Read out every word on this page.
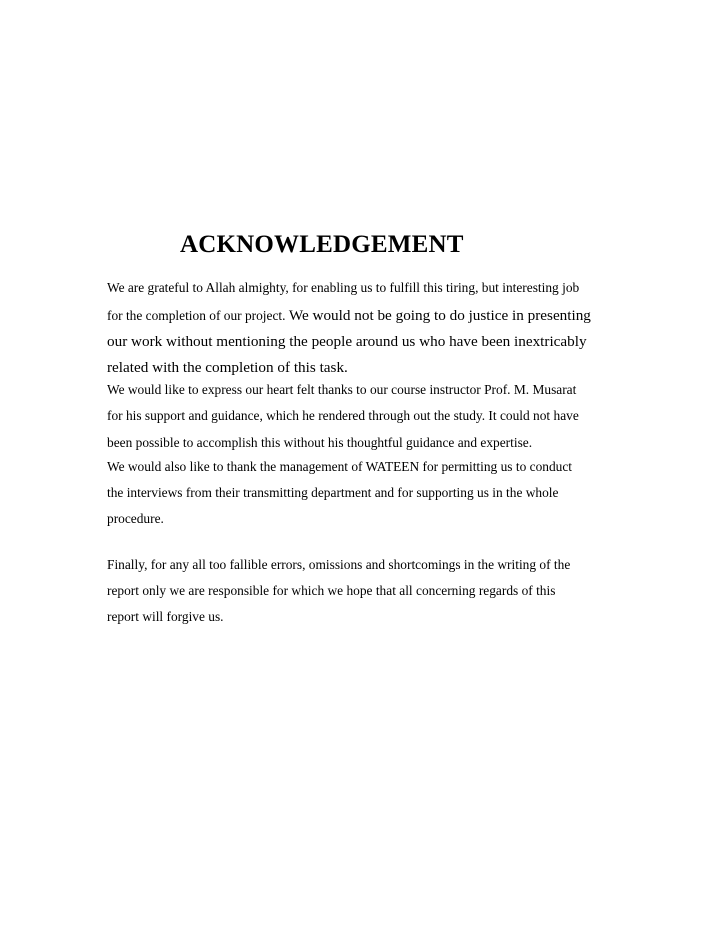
ACKNOWLEDGEMENT
We are grateful to Allah almighty, for enabling us to fulfill this tiring, but interesting job
for the completion of our project. We would not be going to do justice in presenting
our work without mentioning the people around us who have been inextricably
related with the completion of this task.
We would like to express our heart felt thanks to our course instructor Prof. M. Musarat
for his support and guidance, which he rendered through out the study. It could not have
been possible to accomplish this without his thoughtful guidance and expertise.
We would also like to thank the management of WATEEN for permitting us to conduct
the interviews from their transmitting department and for supporting us in the whole
procedure.
Finally, for any all too fallible errors, omissions and shortcomings in the writing of the
report only we are responsible for which we hope that all concerning regards of this
report will forgive us.
